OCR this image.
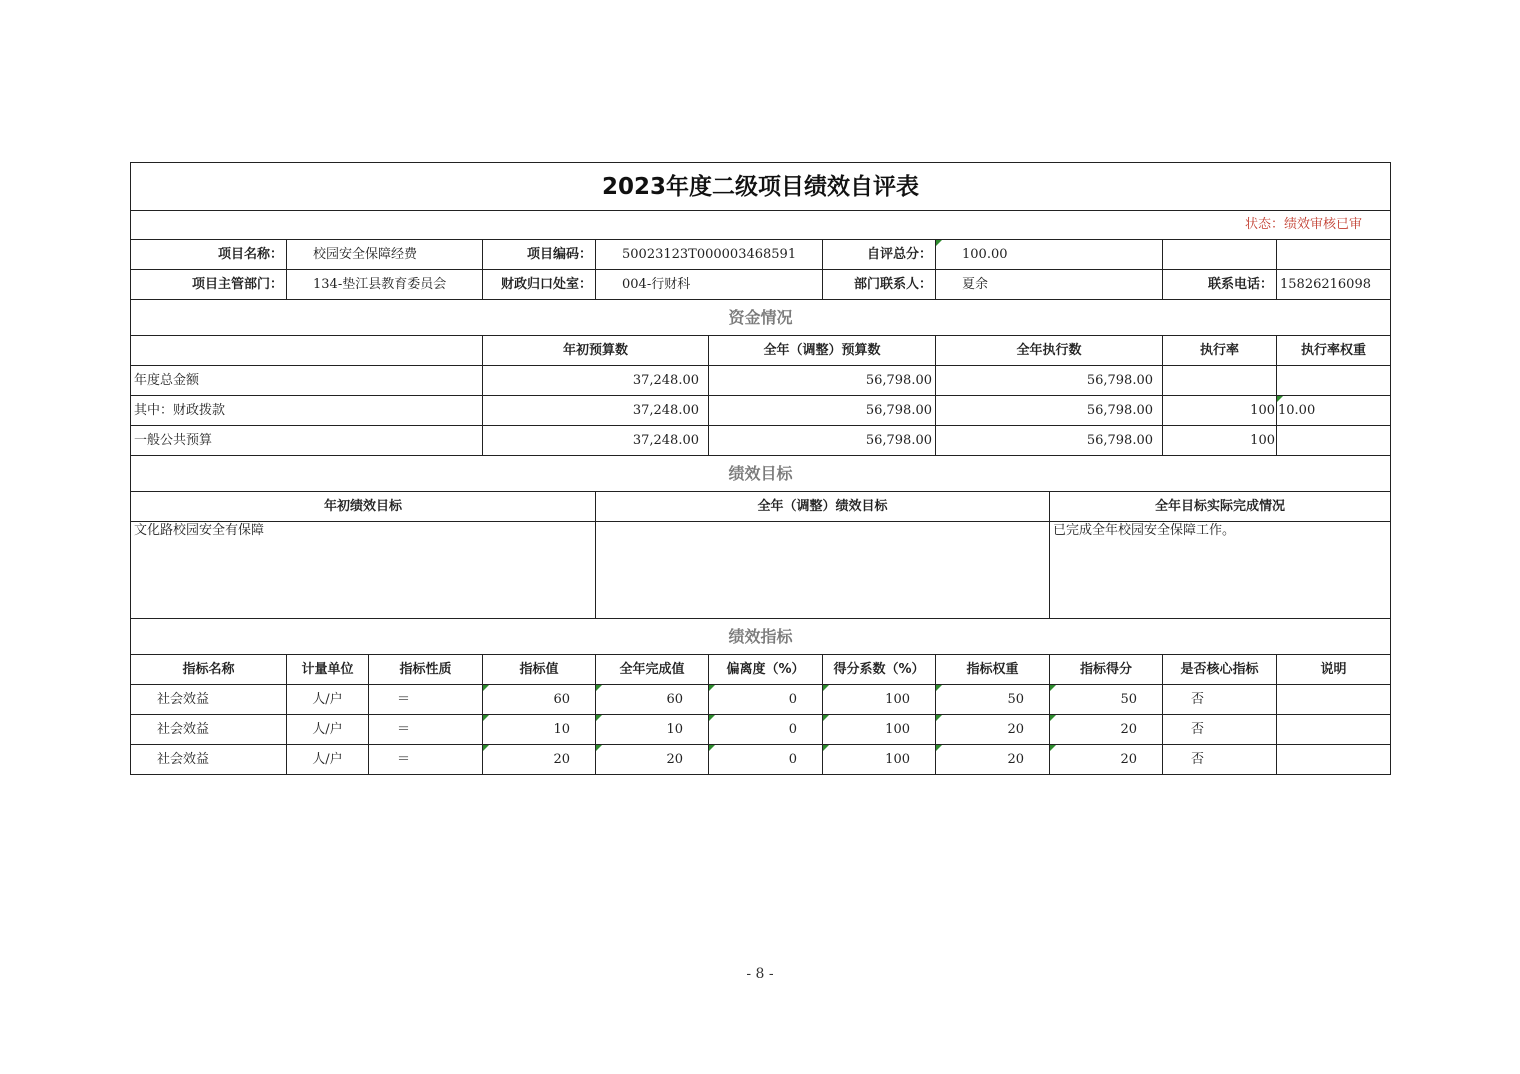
2023年度二级项目绩效自评表											
状态：绩效审核已审											
项目名称：	校园安全保障经费		项目编码：	50023123T000003468591		自评总分：	100.00				
项目主管部门：	134-垫江县教育委员会		财政归口处室：	004-行财科		部门联系人：	夏余		联系电话：	15826216098	
资金情况											
			年初预算数		全年（调整）预算数		全年执行数		执行率	执行率权重	
年度总金额			37,248.00		56,798.00		56,798.00				
其中：财政拨款			37,248.00		56,798.00		56,798.00		100	10.00	
一般公共预算			37,248.00		56,798.00		56,798.00		100		
绩效目标											
年初绩效目标				全年（调整）绩效目标				全年目标实际完成情况			
文化路校园安全有保障								已完成全年校园安全保障工作。			
绩效指标											
指标名称	计量单位	指标性质	指标值	全年完成值	偏离度（%）	得分系数（%）	指标权重	指标得分	是否核心指标	说明	
社会效益	人/户	＝	60	60	0	100	50	50	否		
社会效益	人/户	＝	10	10	0	100	20	20	否		
社会效益	人/户	＝	20	20	0	100	20	20	否		
- 8 -
